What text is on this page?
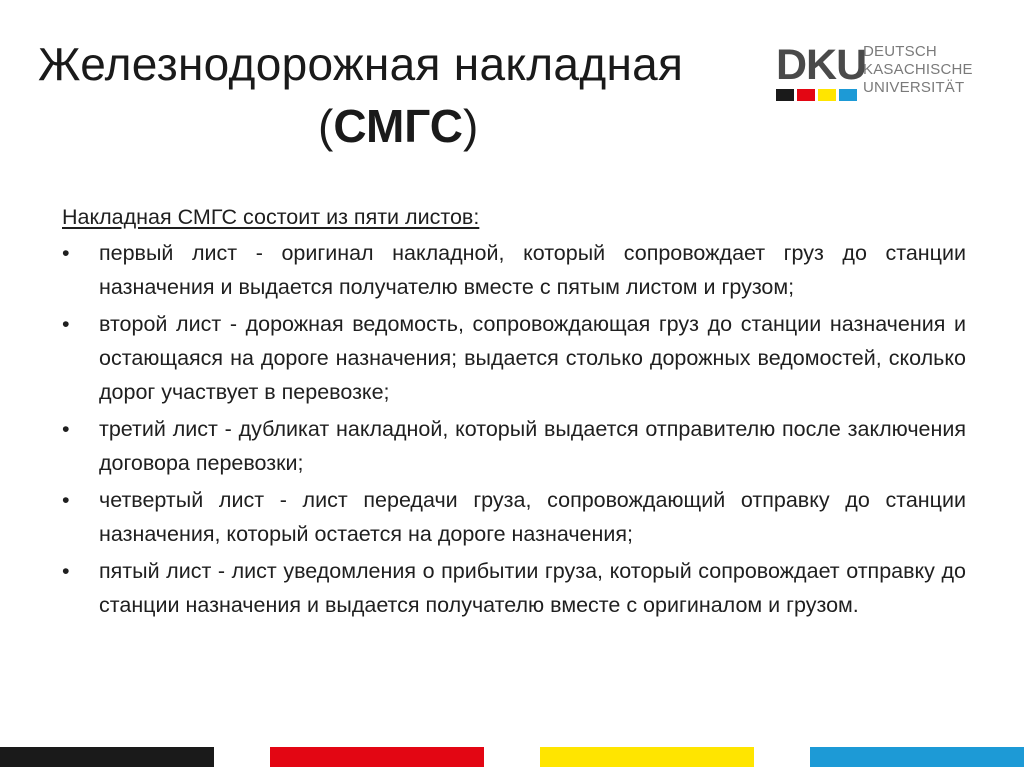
Железнодорожная накладная
(СМГС)
DKU
DEUTSCH
KASACHISCHE
UNIVERSITÄT

Накладная СМГС состоит из пяти листов:

• первый лист - оригинал накладной, который сопровождает груз до станции назначения и выдается получателю вместе с пятым листом и грузом;
• второй лист - дорожная ведомость, сопровождающая груз до станции назначения и остающаяся на дороге назначения; выдается столько дорожных ведомостей, сколько дорог участвует в перевозке;
• третий лист - дубликат накладной, который выдается отправителю после заключения договора перевозки;
• четвертый лист - лист передачи груза, сопровождающий отправку до станции назначения, который остается на дороге назначения;
• пятый лист - лист уведомления о прибытии груза, который сопровождает отправку до станции назначения и выдается получателю вместе с оригиналом и грузом.
